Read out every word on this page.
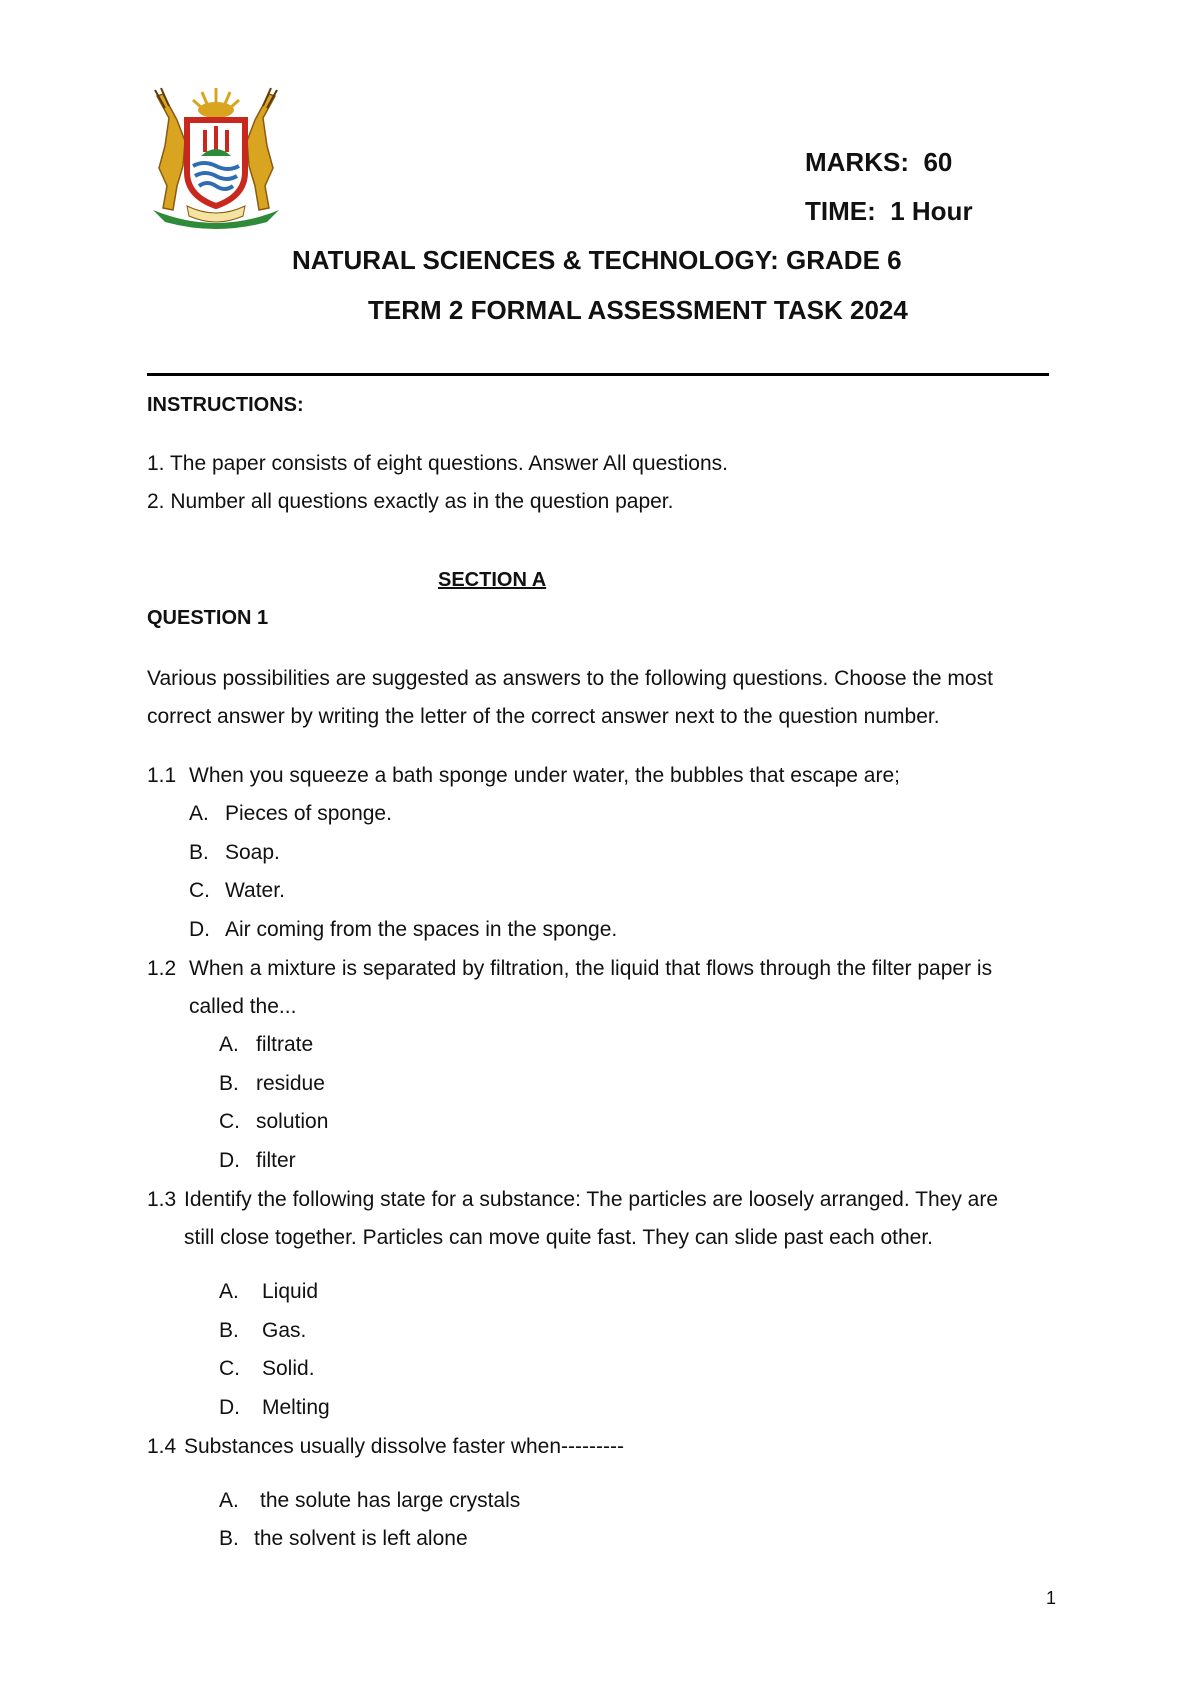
MARKS: 60
TIME: 1 Hour
NATURAL SCIENCES & TECHNOLOGY: GRADE 6
TERM 2 FORMAL ASSESSMENT TASK 2024
INSTRUCTIONS:
1. The paper consists of eight questions. Answer All questions.
2. Number all questions exactly as in the question paper.
SECTION A
QUESTION 1
Various possibilities are suggested as answers to the following questions. Choose the most
correct answer by writing the letter of the correct answer next to the question number.
1.1 When you squeeze a bath sponge under water, the bubbles that escape are;
A. Pieces of sponge.
B. Soap.
C. Water.
D. Air coming from the spaces in the sponge.
1.2 When a mixture is separated by filtration, the liquid that flows through the filter paper is
called the...
A. filtrate
B. residue
C. solution
D. filter
1.3 Identify the following state for a substance: The particles are loosely arranged. They are
still close together. Particles can move quite fast. They can slide past each other.
A. Liquid
B. Gas.
C. Solid.
D. Melting
1.4 Substances usually dissolve faster when---------
A. the solute has large crystals
B. the solvent is left alone
1
